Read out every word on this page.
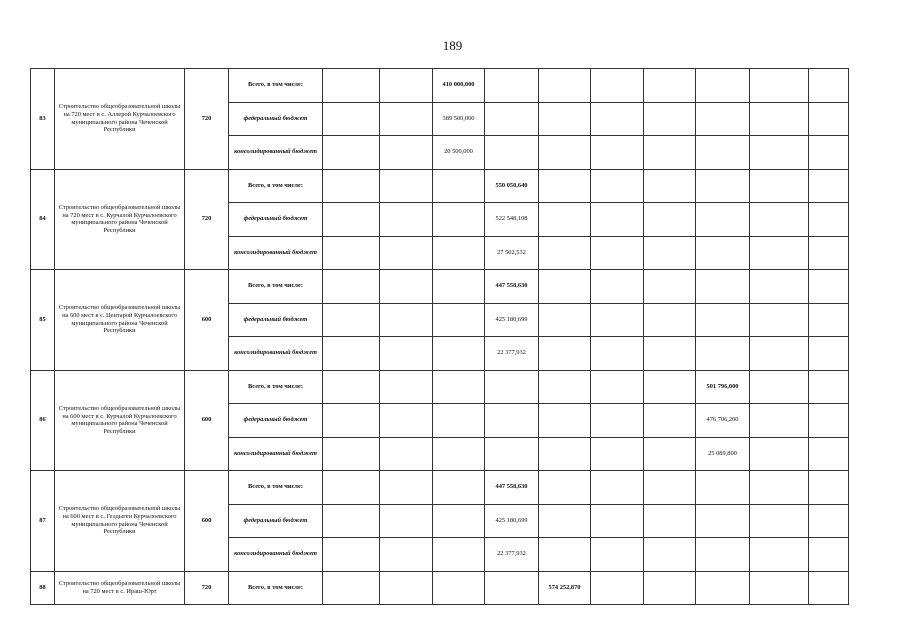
189
83	Строительство общеобразовательной школы на 720 мест в с. Аллерой Курчалоевского муниципального района Чеченской Республики	720	Всего, в том числе:			410 000,000							
			федеральный бюджет			389 500,000							
			консолидированный бюджет			20 500,000							
84	Строительство общеобразовательной школы на 720 мест в с. Курчалой Курчалоевского муниципального района Чеченской Республики	720	Всего, в том числе:				550 050,640						
			федеральный бюджет				522 548,108						
			консолидированный бюджет				27 502,532						
85	Строительство общеобразовательной школы на 600 мест в с. Центарой Курчалоевского муниципального района Чеченской Республики	600	Всего, в том числе:				447 558,630						
			федеральный бюджет				425 180,699						
			консолидированный бюджет				22 377,932						
86	Строительство общеобразовательной школы на 600 мест в с. Курчалой Курчалоевского муниципального района Чеченской Республики	600	Всего, в том числе:								501 796,000		
			федеральный бюджет								476 706,200		
			консолидированный бюджет								25 089,800		
87	Строительство общеобразовательной школы на 600 мест в с. Гелдыген Курчалоевского муниципального района Чеченской Республики	600	Всего, в том числе:				447 558,630						
			федеральный бюджет				425 180,699						
			консолидированный бюджет				22 377,932						
88	Строительство общеобразовательной школы на 720 мест в с. Ираш-Юрт	720	Всего, в том числе:					574 252,870					
